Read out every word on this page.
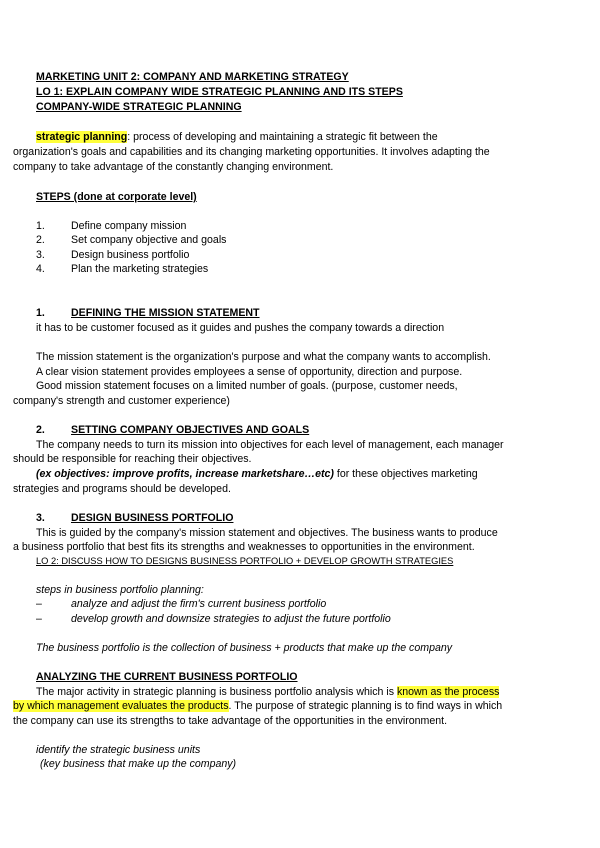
MARKETING UNIT 2: COMPANY AND MARKETING STRATEGY
LO 1: EXPLAIN COMPANY WIDE STRATEGIC PLANNING AND ITS STEPS
COMPANY-WIDE STRATEGIC PLANNING
strategic planning: process of developing and maintaining a strategic fit between the
organization's goals and capabilities and its changing marketing opportunities. It involves adapting the
company to take advantage of the constantly changing environment.
STEPS (done at corporate level)
1. Define company mission
2. Set company objective and goals
3. Design business portfolio
4. Plan the marketing strategies
1. DEFINING THE MISSION STATEMENT
it has to be customer focused as it guides and pushes the company towards a direction
The mission statement is the organization's purpose and what the company wants to accomplish.
A clear vision statement provides employees a sense of opportunity, direction and purpose.
Good mission statement focuses on a limited number of goals. (purpose, customer needs,
company's strength and customer experience)
2. SETTING COMPANY OBJECTIVES AND GOALS
The company needs to turn its mission into objectives for each level of management, each manager
should be responsible for reaching their objectives.
(ex objectives: improve profits, increase marketshare…etc) for these objectives marketing
strategies and programs should be developed.
3. DESIGN BUSINESS PORTFOLIO
This is guided by the company's mission statement and objectives. The business wants to produce
a business portfolio that best fits its strengths and weaknesses to opportunities in the environment.
LO 2: DISCUSS HOW TO DESIGNS BUSINESS PORTFOLIO + DEVELOP GROWTH STRATEGIES
steps in business portfolio planning:
–	analyze and adjust the firm's current business portfolio
–	develop growth and downsize strategies to adjust the future portfolio
The business portfolio is the collection of business + products that make up the company
ANALYZING THE CURRENT BUSINESS PORTFOLIO
The major activity in strategic planning is business portfolio analysis which is known as the process
by which management evaluates the products. The purpose of strategic planning is to find ways in which
the company can use its strengths to take advantage of the opportunities in the environment.
identify the strategic business units
(key business that make up the company)
